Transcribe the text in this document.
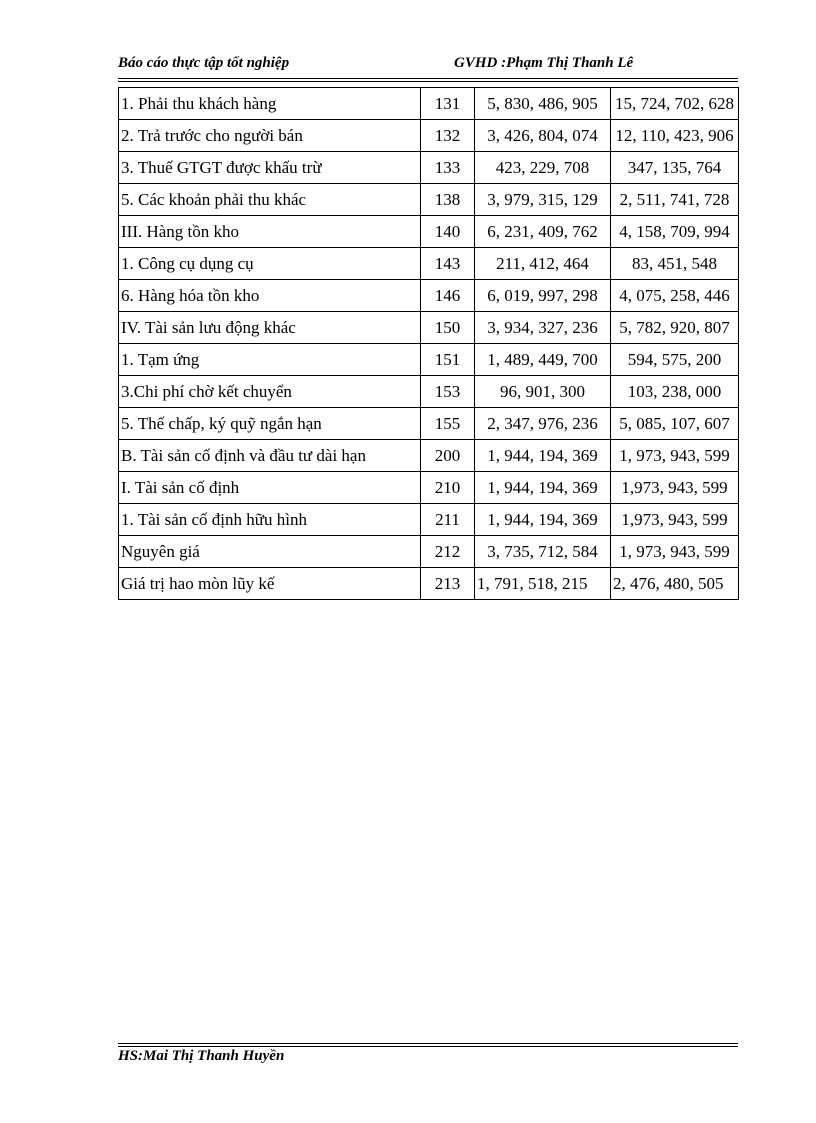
Báo cáo thực tập tốt nghiệp	GVHD :Phạm Thị Thanh Lê
1. Phải thu khách hàng	131	5, 830, 486, 905	15, 724, 702, 628
2. Trả trước cho người bán	132	3, 426, 804, 074	12, 110, 423, 906
3. Thuế GTGT được khấu trừ	133	423, 229, 708	347, 135, 764
5. Các khoản phải thu khác	138	3, 979, 315, 129	2, 511, 741, 728
III. Hàng tồn kho	140	6, 231, 409, 762	4, 158, 709, 994
1. Công cụ dụng cụ	143	211, 412, 464	83, 451, 548
6. Hàng hóa tồn kho	146	6, 019, 997, 298	4, 075, 258, 446
IV. Tài sản lưu động khác	150	3, 934, 327, 236	5, 782, 920, 807
1. Tạm ứng	151	1, 489, 449, 700	594, 575, 200
3.Chi phí chờ kết chuyển	153	96, 901, 300	103, 238, 000
5. Thế chấp, ký quỹ ngắn hạn	155	2, 347, 976, 236	5, 085, 107, 607
B. Tài sản cố định và đầu tư dài hạn	200	1, 944, 194, 369	1, 973, 943, 599
I. Tài sản cố định	210	1, 944, 194, 369	1,973, 943, 599
1. Tài sản cố định hữu hình	211	1, 944, 194, 369	1,973, 943, 599
Nguyên giá	212	3, 735, 712, 584	1, 973, 943, 599
Giá trị hao mòn lũy kế	213	1, 791, 518, 215	2, 476, 480, 505
HS:Mai Thị Thanh Huyền
